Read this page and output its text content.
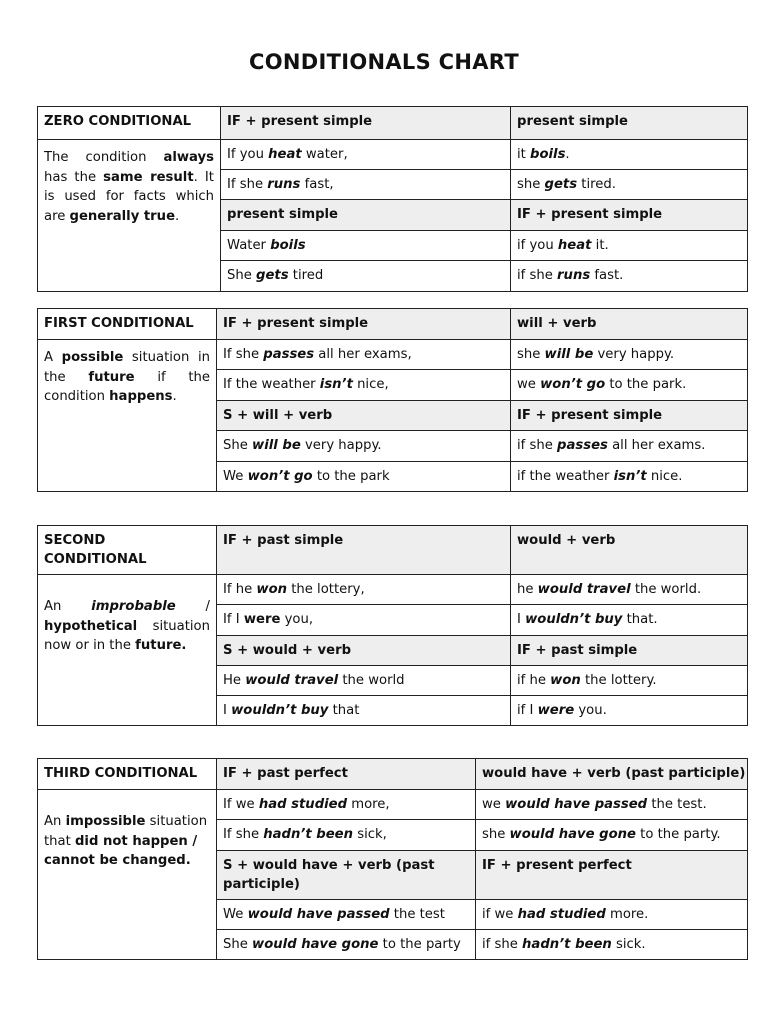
CONDITIONALS CHART
ZERO CONDITIONAL	IF + present simple	present simple
The condition always has the same result. It is used for facts which are generally true.	If you heat water,	it boils.
	If she runs fast,	she gets tired.
	present simple	IF + present simple
	Water boils	if you heat it.
	She gets tired	if she runs fast.
FIRST CONDITIONAL	IF + present simple	will + verb
A possible situation in the future if the condition happens.	If she passes all her exams,	she will be very happy.
	If the weather isn’t nice,	we won’t go to the park.
	S + will + verb	IF + present simple
	She will be very happy.	if she passes all her exams.
	We won’t go to the park	if the weather isn’t nice.
SECOND CONDITIONAL	IF + past simple	would + verb
An improbable / hypothetical situation now or in the future.	If he won the lottery,	he would travel the world.
	If I were you,	I wouldn’t buy that.
	S + would + verb	IF + past simple
	He would travel the world	if he won the lottery.
	I wouldn’t buy that	if I were you.
THIRD CONDITIONAL	IF + past perfect	would have + verb (past participle)
An impossible situation that did not happen / cannot be changed.	If we had studied more,	we would have passed the test.
	If she hadn’t been sick,	she would have gone to the party.
	S + would have + verb (past participle)	IF + present perfect
	We would have passed the test	if we had studied more.
	She would have gone to the party	if she hadn’t been sick.
